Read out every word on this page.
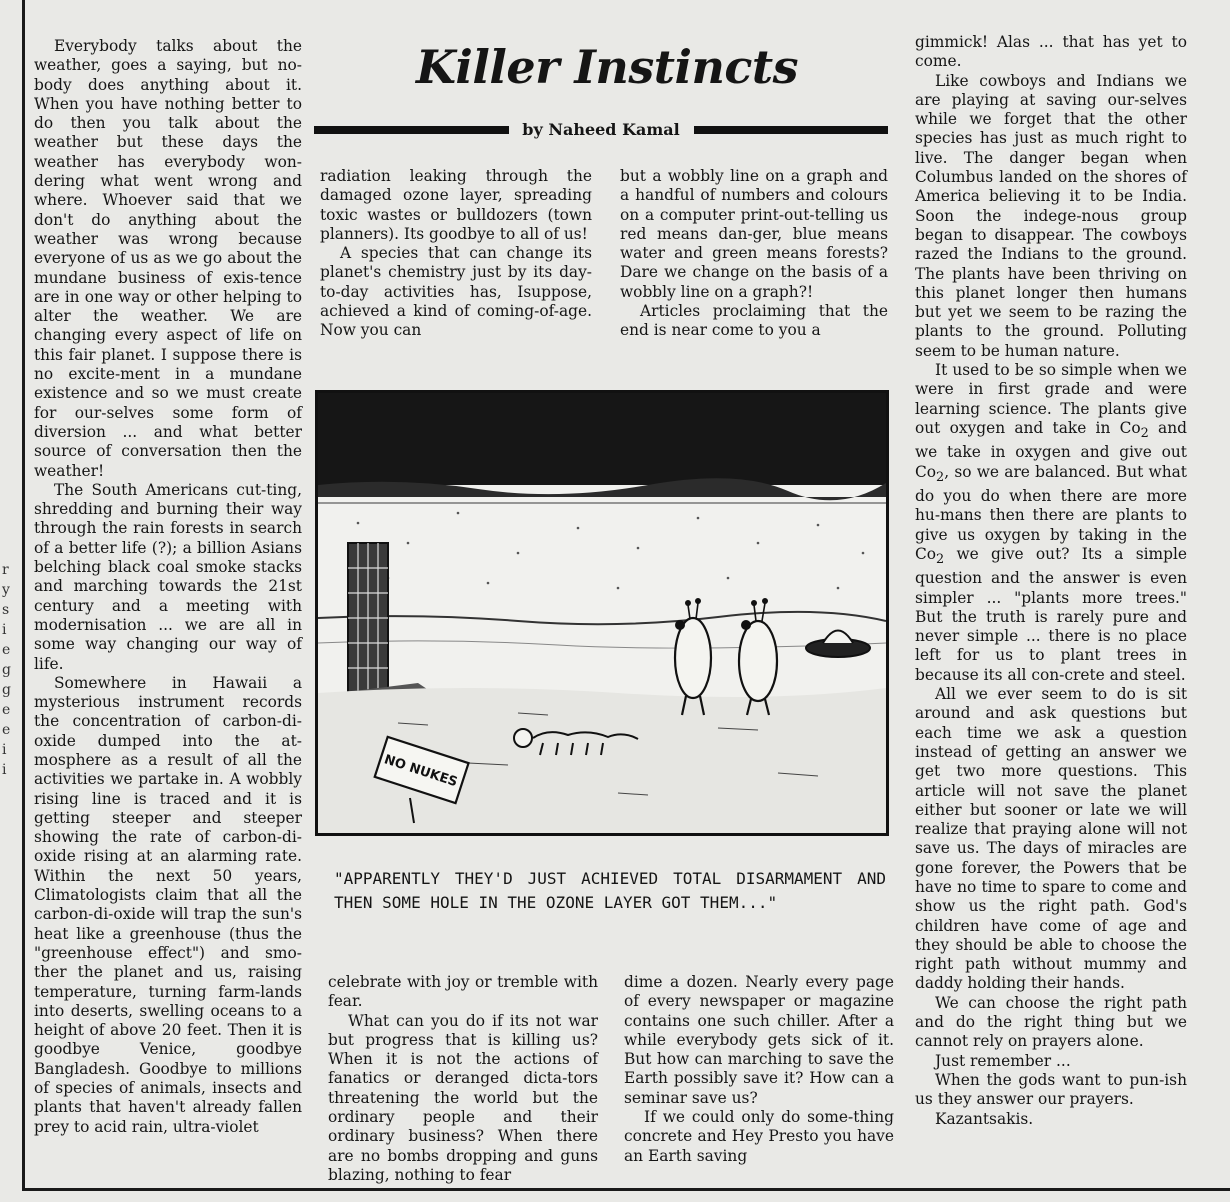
r
y
s
i
e
g
g
e
e
i
i

Everybody talks about the weather, goes a saying, but no-body does anything about it. When you have nothing better to do then you talk about the weather but these days the weather has everybody won-dering what went wrong and where. Whoever said that we don't do anything about the weather was wrong because everyone of us as we go about the mundane business of exis-tence are in one way or other helping to alter the weather. We are changing every aspect of life on this fair planet. I suppose there is no excite-ment in a mundane existence and so we must create for our-selves some form of diversion ... and what better source of conversation then the weather!

The South Americans cut-ting, shredding and burning their way through the rain forests in search of a better life (?); a billion Asians belching black coal smoke stacks and marching towards the 21st century and a meeting with modernisation ... we are all in some way changing our way of life.

Somewhere in Hawaii a mysterious instrument records the concentration of carbon-di-oxide dumped into the at-mosphere as a result of all the activities we partake in. A wobbly rising line is traced and it is getting steeper and steeper showing the rate of carbon-di-oxide rising at an alarming rate. Within the next 50 years, Climatologists claim that all the carbon-di-oxide will trap the sun's heat like a greenhouse (thus the "greenhouse effect") and smo-ther the planet and us, raising temperature, turning farm-lands into deserts, swelling oceans to a height of above 20 feet. Then it is goodbye Venice, goodbye Bangladesh. Goodbye to millions of species of animals, insects and plants that haven't already fallen prey to acid rain, ultra-violet

Killer Instincts
by Naheed Kamal

radiation leaking through the damaged ozone layer, spreading toxic wastes or bulldozers (town planners). Its goodbye to all of us!

A species that can change its planet's chemistry just by its day-to-day activities has, Isuppose, achieved a kind of coming-of-age. Now you can

but a wobbly line on a graph and a handful of numbers and colours on a computer print-out-telling us red means dan-ger, blue means water and green means forests? Dare we change on the basis of a wobbly line on a graph?!

Articles proclaiming that the end is near come to you a

NO NUKES
"APPARENTLY THEY'D JUST ACHIEVED TOTAL DISARMAMENT AND THEN SOME HOLE IN THE OZONE LAYER GOT THEM..."

celebrate with joy or tremble with fear.

What can you do if its not war but progress that is killing us? When it is not the actions of fanatics or deranged dicta-tors threatening the world but the ordinary people and their ordinary business? When there are no bombs dropping and guns blazing, nothing to fear

dime a dozen. Nearly every page of every newspaper or magazine contains one such chiller. After a while everybody gets sick of it. But how can marching to save the Earth possibly save it? How can a seminar save us?

If we could only do some-thing concrete and Hey Presto you have an Earth saving

gimmick! Alas ... that has yet to come.

Like cowboys and Indians we are playing at saving our-selves while we forget that the other species has just as much right to live. The danger began when Columbus landed on the shores of America believing it to be India. Soon the indege-nous group began to disappear. The cowboys razed the Indians to the ground. The plants have been thriving on this planet longer then humans but yet we seem to be razing the plants to the ground. Polluting seem to be human nature.

It used to be so simple when we were in first grade and were learning science. The plants give out oxygen and take in $Co_2$ and we take in oxygen and give out $Co_2$, so we are balanced. But what do you do when there are more hu-mans then there are plants to give us oxygen by taking in the $Co_2$ we give out? Its a simple question and the answer is even simpler ... "plants more trees." But the truth is rarely pure and never simple ... there is no place left for us to plant trees in because its all con-crete and steel.

All we ever seem to do is sit around and ask questions but each time we ask a question instead of getting an answer we get two more questions. This article will not save the planet either but sooner or late we will realize that praying alone will not save us. The days of miracles are gone forever, the Powers that be have no time to spare to come and show us the right path. God's children have come of age and they should be able to choose the right path without mummy and daddy holding their hands.

We can choose the right path and do the right thing but we cannot rely on prayers alone.

Just remember ...

When the gods want to pun-ish us they answer our prayers.

Kazantsakis.
